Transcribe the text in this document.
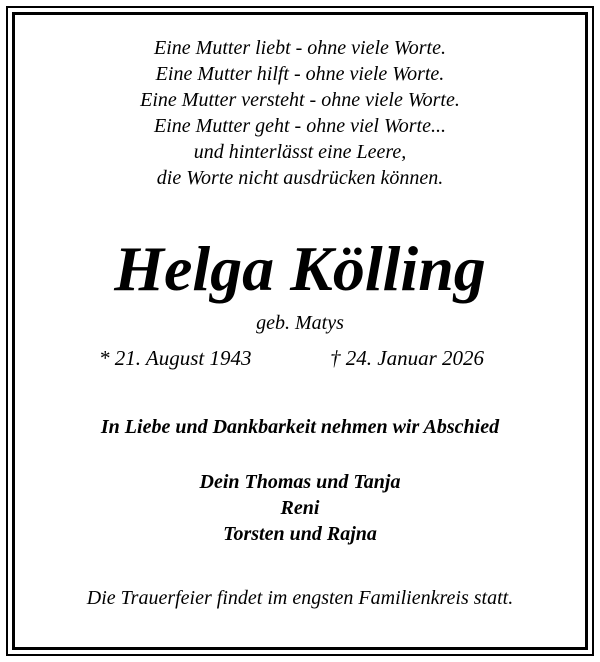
Eine Mutter liebt - ohne viele Worte.
Eine Mutter hilft - ohne viele Worte.
Eine Mutter versteht - ohne viele Worte.
Eine Mutter geht - ohne viel Worte...
und hinterlässt eine Leere,
die Worte nicht ausdrücken können.
Helga Kölling
geb. Matys
* 21. August 1943	† 24. Januar 2026
In Liebe und Dankbarkeit nehmen wir Abschied
Dein Thomas und Tanja
Reni
Torsten und Rajna
Die Trauerfeier findet im engsten Familienkreis statt.
